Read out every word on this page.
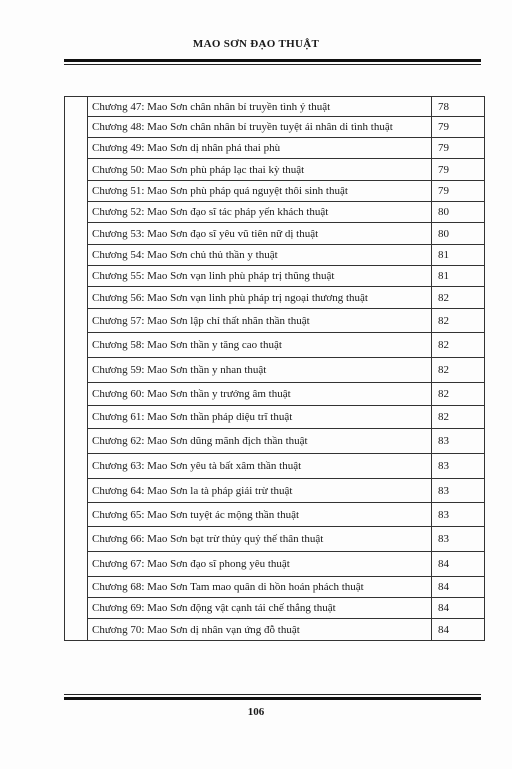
MAO SƠN ĐẠO THUẬT
	Chương 47: Mao Sơn chân nhân bí truyền tình ý thuật	78
	Chương 48: Mao Sơn chân nhân bí truyền tuyệt ái nhân di tình thuật	79
	Chương 49: Mao Sơn dị nhân phá thai phù	79
	Chương 50: Mao Sơn phù pháp lạc thai kỳ thuật	79
	Chương 51: Mao Sơn phù pháp quá nguyệt thôi sinh thuật	79
	Chương 52: Mao Sơn đạo sĩ tác pháp yến khách thuật	80
	Chương 53: Mao Sơn đạo sĩ yêu vũ tiên nữ dị thuật	80
	Chương 54: Mao Sơn chủ thủ thần y thuật	81
	Chương 55: Mao Sơn vạn linh phù pháp trị thũng thuật	81
	Chương 56: Mao Sơn vạn linh phù pháp trị ngoại thương thuật	82
	Chương 57: Mao Sơn lập chỉ thất nhãn thần thuật	82
	Chương 58: Mao Sơn thần y tăng cao thuật	82
	Chương 59: Mao Sơn thần y nhan thuật	82
	Chương 60: Mao Sơn thần y trưởng âm thuật	82
	Chương 61: Mao Sơn thần pháp diệu trĩ thuật	82
	Chương 62: Mao Sơn dũng mãnh địch thần thuật	83
	Chương 63: Mao Sơn yêu tà bất xâm thần thuật	83
	Chương 64: Mao Sơn la tà pháp giải trừ thuật	83
	Chương 65: Mao Sơn tuyệt ác mộng thần thuật	83
	Chương 66: Mao Sơn bạt trừ thủy quỷ thế thân thuật	83
	Chương 67: Mao Sơn đạo sĩ phong yêu thuật	84
	Chương 68: Mao Sơn Tam mao quân di hồn hoán phách thuật	84
	Chương 69: Mao Sơn động vật cạnh tái chế thắng thuật	84
	Chương 70: Mao Sơn dị nhân vạn ứng đỗ thuật	84
106
